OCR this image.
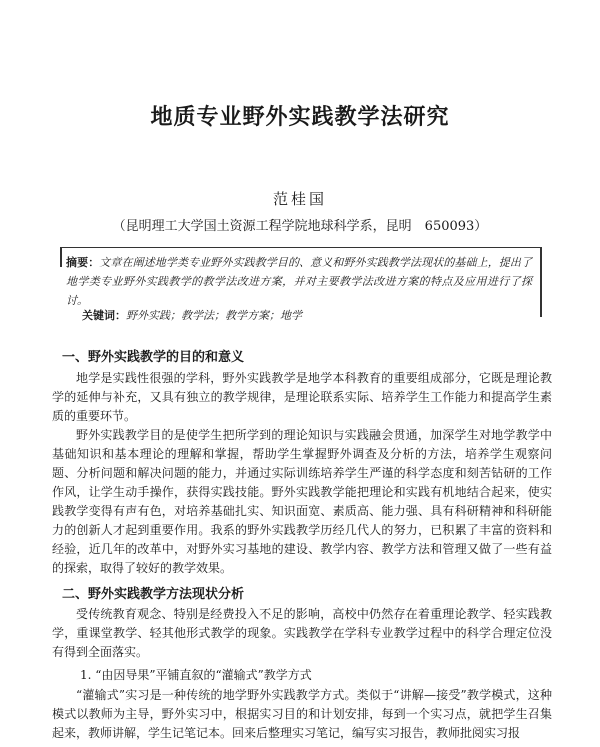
地质专业野外实践教学法研究
范桂国
（昆明理工大学国土资源工程学院地球科学系，昆明　650093）
摘要：文章在阐述地学类专业野外实践教学目的、意义和野外实践教学法现状的基础上，提出了地学类专业野外实践教学的教学法改进方案，并对主要教学法改进方案的特点及应用进行了探讨。
关键词：野外实践；教学法；教学方案；地学
一、野外实践教学的目的和意义

地学是实践性很强的学科，野外实践教学是地学本科教育的重要组成部分，它既是理论教学的延伸与补充，又具有独立的教学规律，是理论联系实际、培养学生工作能力和提高学生素质的重要环节。

野外实践教学目的是使学生把所学到的理论知识与实践融会贯通，加深学生对地学教学中基础知识和基本理论的理解和掌握，帮助学生掌握野外调查及分析的方法，培养学生观察问题、分析问题和解决问题的能力，并通过实际训练培养学生严谨的科学态度和刻苦钻研的工作作风，让学生动手操作，获得实践技能。野外实践教学能把理论和实践有机地结合起来，使实践教学变得有声有色，对培养基础扎实、知识面宽、素质高、能力强、具有科研精神和科研能力的创新人才起到重要作用。我系的野外实践教学历经几代人的努力，已积累了丰富的资料和经验，近几年的改革中，对野外实习基地的建设、教学内容、教学方法和管理又做了一些有益的探索，取得了较好的教学效果。

二、野外实践教学方法现状分析

受传统教育观念、特别是经费投入不足的影响，高校中仍然存在着重理论教学、轻实践教学，重课堂教学、轻其他形式教学的现象。实践教学在学科专业教学过程中的科学合理定位没有得到全面落实。

1. “由因导果”平铺直叙的“灌输式”教学方式

“灌输式”实习是一种传统的地学野外实践教学方式。类似于“讲解—接受”教学模式，这种模式以教师为主导，野外实习中，根据实习目的和计划安排，每到一个实习点，就把学生召集起来，教师讲解，学生记笔记本。回来后整理实习笔记，编写实习报告，教师批阅实习报
